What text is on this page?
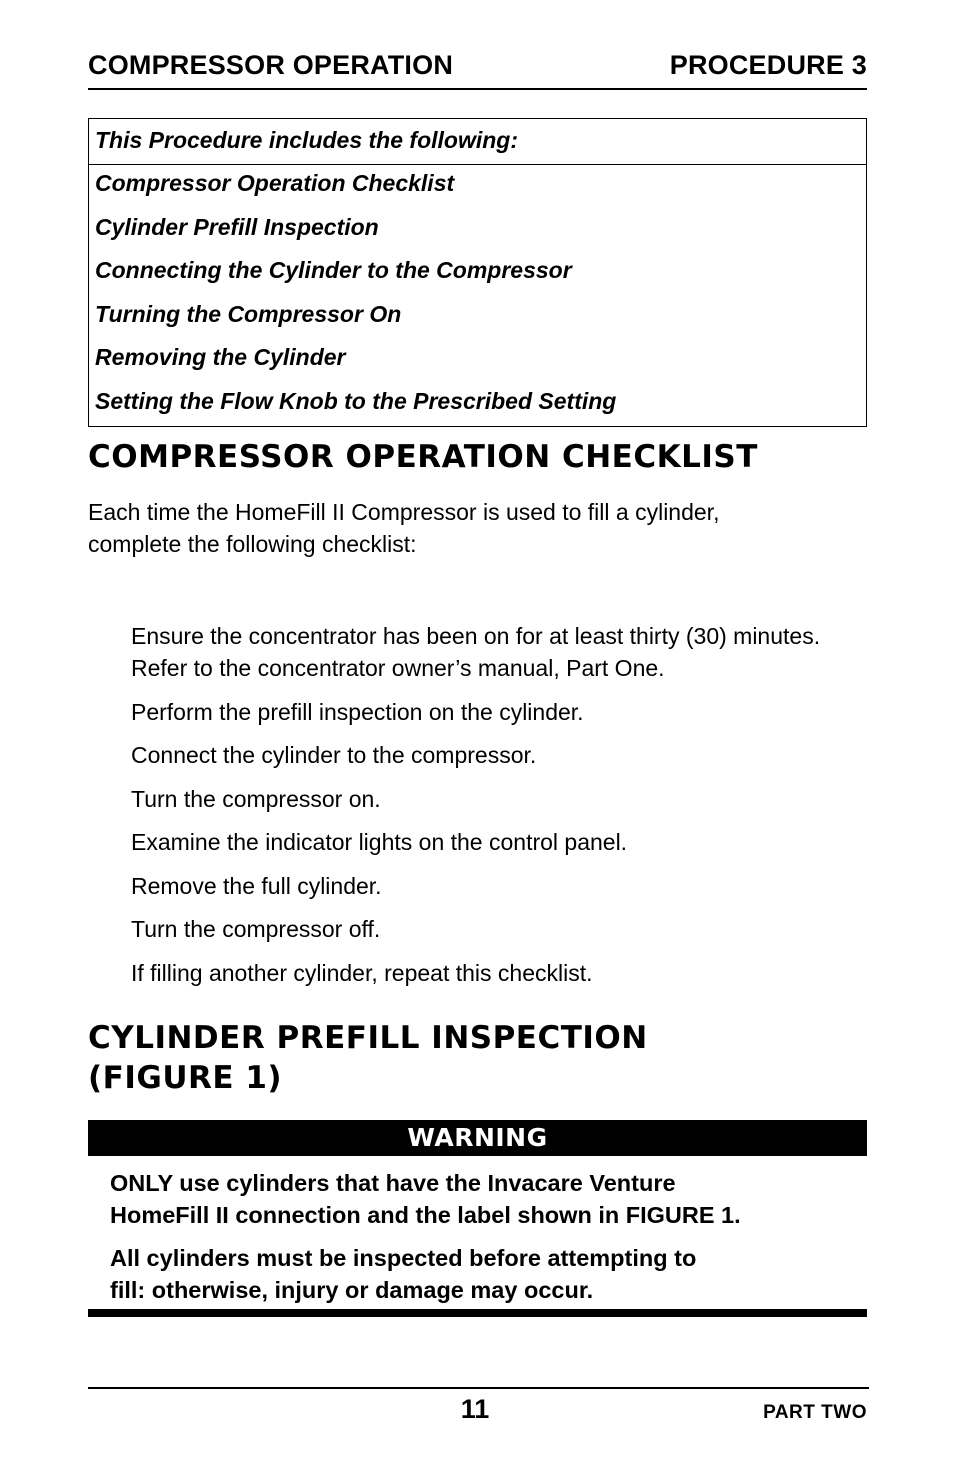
COMPRESSOR OPERATION	PROCEDURE 3
This Procedure includes the following:
Compressor Operation Checklist
Cylinder Prefill Inspection
Connecting the Cylinder to the Compressor
Turning the Compressor On
Removing the Cylinder
Setting the Flow Knob to the Prescribed Setting
COMPRESSOR OPERATION CHECKLIST
Each time the HomeFill II Compressor is used to fill a cylinder,
complete the following checklist:
Ensure the concentrator has been on for at least thirty (30) minutes. Refer to the concentrator owner’s manual, Part One.
Perform the prefill inspection on the cylinder.
Connect the cylinder to the compressor.
Turn the compressor on.
Examine the indicator lights on the control panel.
Remove the full cylinder.
Turn the compressor off.
If filling another cylinder, repeat this checklist.
CYLINDER PREFILL INSPECTION
(FIGURE 1)
WARNING
ONLY use cylinders that have the Invacare Venture
HomeFill II connection and the label shown in FIGURE 1.
All cylinders must be inspected before attempting to
fill: otherwise, injury or damage may occur.
11	PART TWO
